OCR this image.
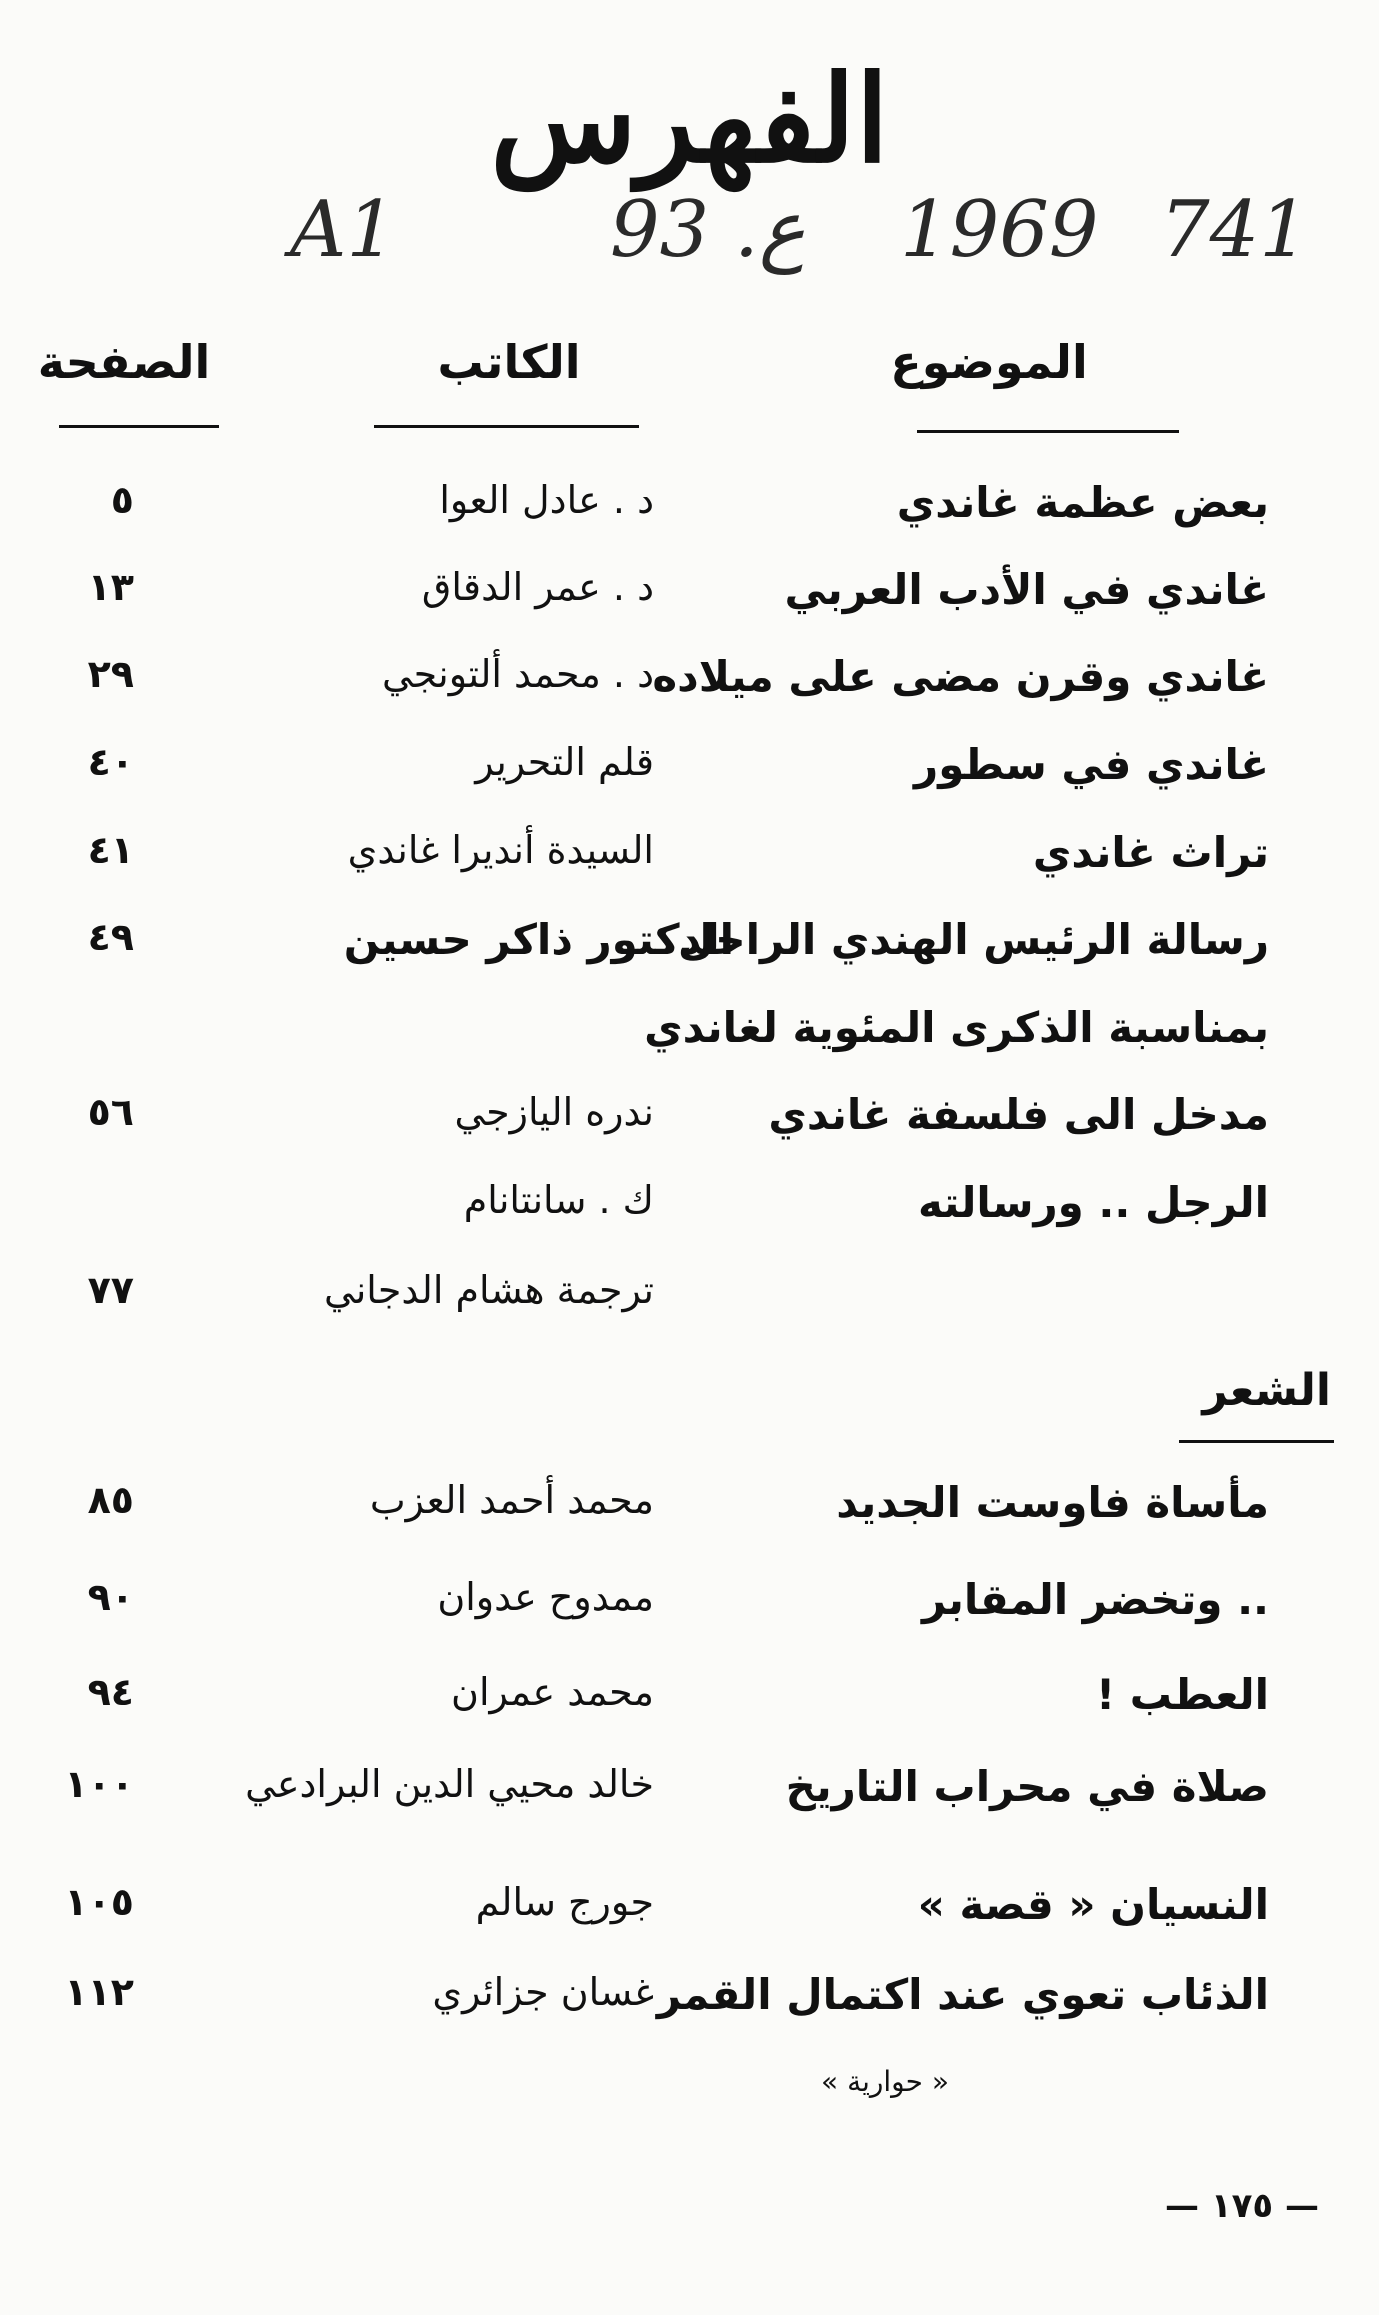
الفهرس
A1	93 .ع 1969 741
الموضوع
الكاتب
الصفحة
بعض عظمة غاندي
د . عادل العوا
٥
غاندي في الأدب العربي
د . عمر الدقاق
١٣
غاندي وقرن مضى على ميلاده
د . محمد ألتونجي
٢٩
غاندي في سطور
قلم التحرير
٤٠
تراث غاندي
السيدة أنديرا غاندي
٤١
رسالة الرئيس الهندي الراحل
الدكتور ذاكر حسين
٤٩
بمناسبة الذكرى المئوية لغاندي
مدخل الى فلسفة غاندي
ندره اليازجي
٥٦
الرجل .. ورسالته
ك . سانتانام
ترجمة هشام الدجاني
٧٧
الشعر
مأساة فاوست الجديد
محمد أحمد العزب
٨٥
.. وتخضر المقابر
ممدوح عدوان
٩٠
العطب !
محمد عمران
٩٤
صلاة في محراب التاريخ
خالد محيي الدين البرادعي
١٠٠
النسيان « قصة »
جورج سالم
١٠٥
الذئاب تعوي عند اكتمال القمر
غسان جزائري
١١٢
« حوارية »
— ١٧٥ —
